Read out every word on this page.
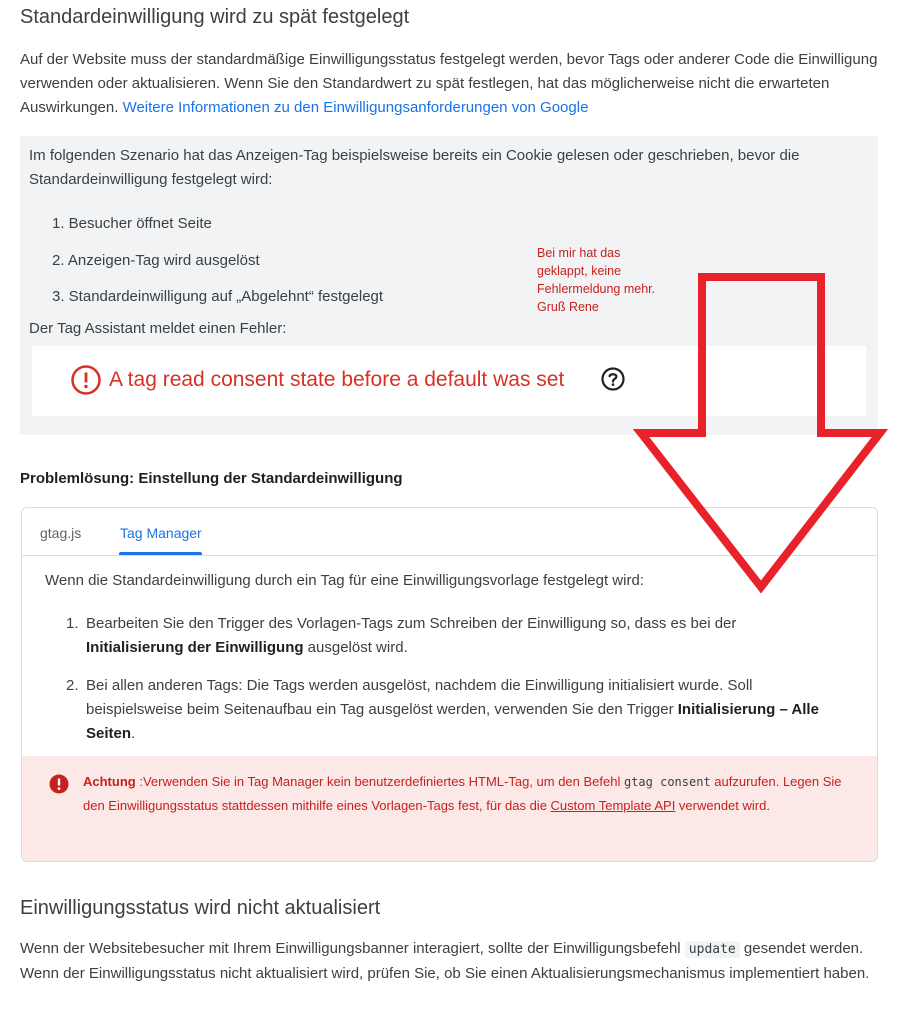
Standardeinwilligung wird zu spät festgelegt
Auf der Website muss der standardmäßige Einwilligungsstatus festgelegt werden, bevor Tags oder anderer Code die Einwilligung verwenden oder aktualisieren. Wenn Sie den Standardwert zu spät festlegen, hat das möglicherweise nicht die erwarteten Auswirkungen. Weitere Informationen zu den Einwilligungsanforderungen von Google
Im folgenden Szenario hat das Anzeigen-Tag beispielsweise bereits ein Cookie gelesen oder geschrieben, bevor die Standardeinwilligung festgelegt wird:
1. Besucher öffnet Seite
2. Anzeigen-Tag wird ausgelöst
3. Standardeinwilligung auf „Abgelehnt“ festgelegt
Der Tag Assistant meldet einen Fehler:
A tag read consent state before a default was set
Problemlösung: Einstellung der Standardeinwilligung
gtag.js	Tag Manager
Wenn die Standardeinwilligung durch ein Tag für eine Einwilligungsvorlage festgelegt wird:
1. Bearbeiten Sie den Trigger des Vorlagen-Tags zum Schreiben der Einwilligung so, dass es bei der Initialisierung der Einwilligung ausgelöst wird.
2. Bei allen anderen Tags: Die Tags werden ausgelöst, nachdem die Einwilligung initialisiert wurde. Soll beispielsweise beim Seitenaufbau ein Tag ausgelöst werden, verwenden Sie den Trigger Initialisierung – Alle Seiten.
Achtung :Verwenden Sie in Tag Manager kein benutzerdefiniertes HTML-Tag, um den Befehl gtag consent aufzurufen. Legen Sie den Einwilligungsstatus stattdessen mithilfe eines Vorlagen-Tags fest, für das die Custom Template API verwendet wird.
Einwilligungsstatus wird nicht aktualisiert
Wenn der Websitebesucher mit Ihrem Einwilligungsbanner interagiert, sollte der Einwilligungsbefehl update gesendet werden. Wenn der Einwilligungsstatus nicht aktualisiert wird, prüfen Sie, ob Sie einen Aktualisierungsmechanismus implementiert haben.
Bei mir hat das
geklappt, keine
Fehlermeldung mehr.
Gruß Rene
